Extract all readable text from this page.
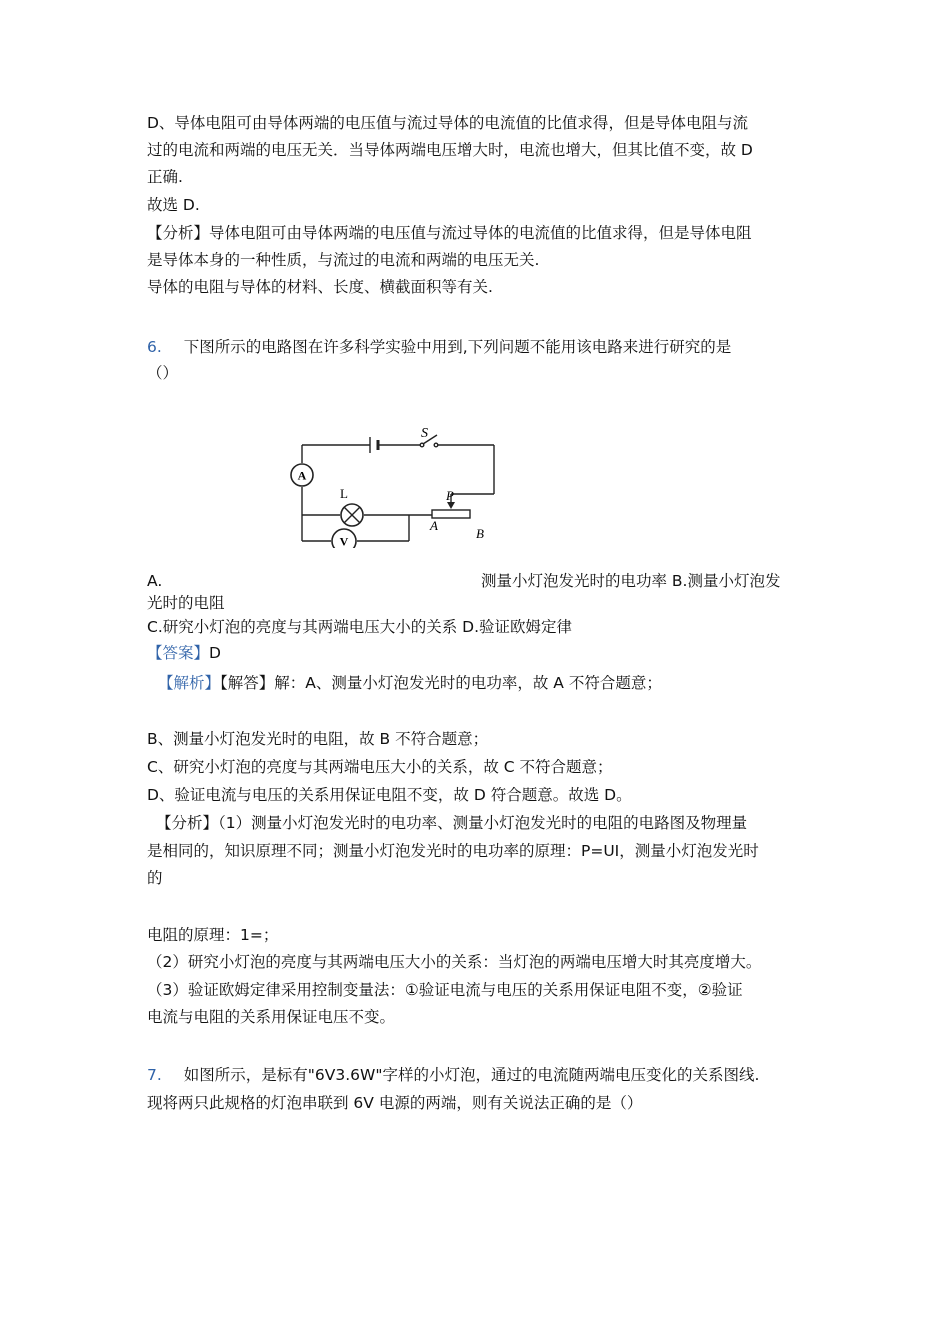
D、导体电阻可由导体两端的电压值与流过导体的电流值的比值求得，但是导体电阻与流
过的电流和两端的电压无关．当导体两端电压增大时，电流也增大，但其比值不变，故 D
正确.
故选 D.
【分析】导体电阻可由导体两端的电压值与流过导体的电流值的比值求得，但是导体电阻
是导体本身的一种性质，与流过的电流和两端的电压无关.
导体的电阻与导体的材料、长度、横截面积等有关.
6. 下图所示的电路图在许多科学实验中用到,下列问题不能用该电路来进行研究的是
（）
A
V
S
L	P
A
B
A.	测量小灯泡发光时的电功率 B.测量小灯泡发
光时的电阻
C.研究小灯泡的亮度与其两端电压大小的关系 D.验证欧姆定律
【答案】D
【解析】【解答】解：A、测量小灯泡发光时的电功率，故 A 不符合题意；
B、测量小灯泡发光时的电阻，故 B 不符合题意；
C、研究小灯泡的亮度与其两端电压大小的关系，故 C 不符合题意；
D、验证电流与电压的关系用保证电阻不变，故 D 符合题意。故选 D。
【分析】（1）测量小灯泡发光时的电功率、测量小灯泡发光时的电阻的电路图及物理量
是相同的，知识原理不同；测量小灯泡发光时的电功率的原理：P=UI，测量小灯泡发光时
的
电阻的原理：1=；
（2）研究小灯泡的亮度与其两端电压大小的关系：当灯泡的两端电压增大时其亮度增大。
（3）验证欧姆定律采用控制变量法：①验证电流与电压的关系用保证电阻不变，②验证
电流与电阻的关系用保证电压不变。
7. 如图所示，是标有"6V3.6W"字样的小灯泡，通过的电流随两端电压变化的关系图线.
现将两只此规格的灯泡串联到 6V 电源的两端，则有关说法正确的是（）
